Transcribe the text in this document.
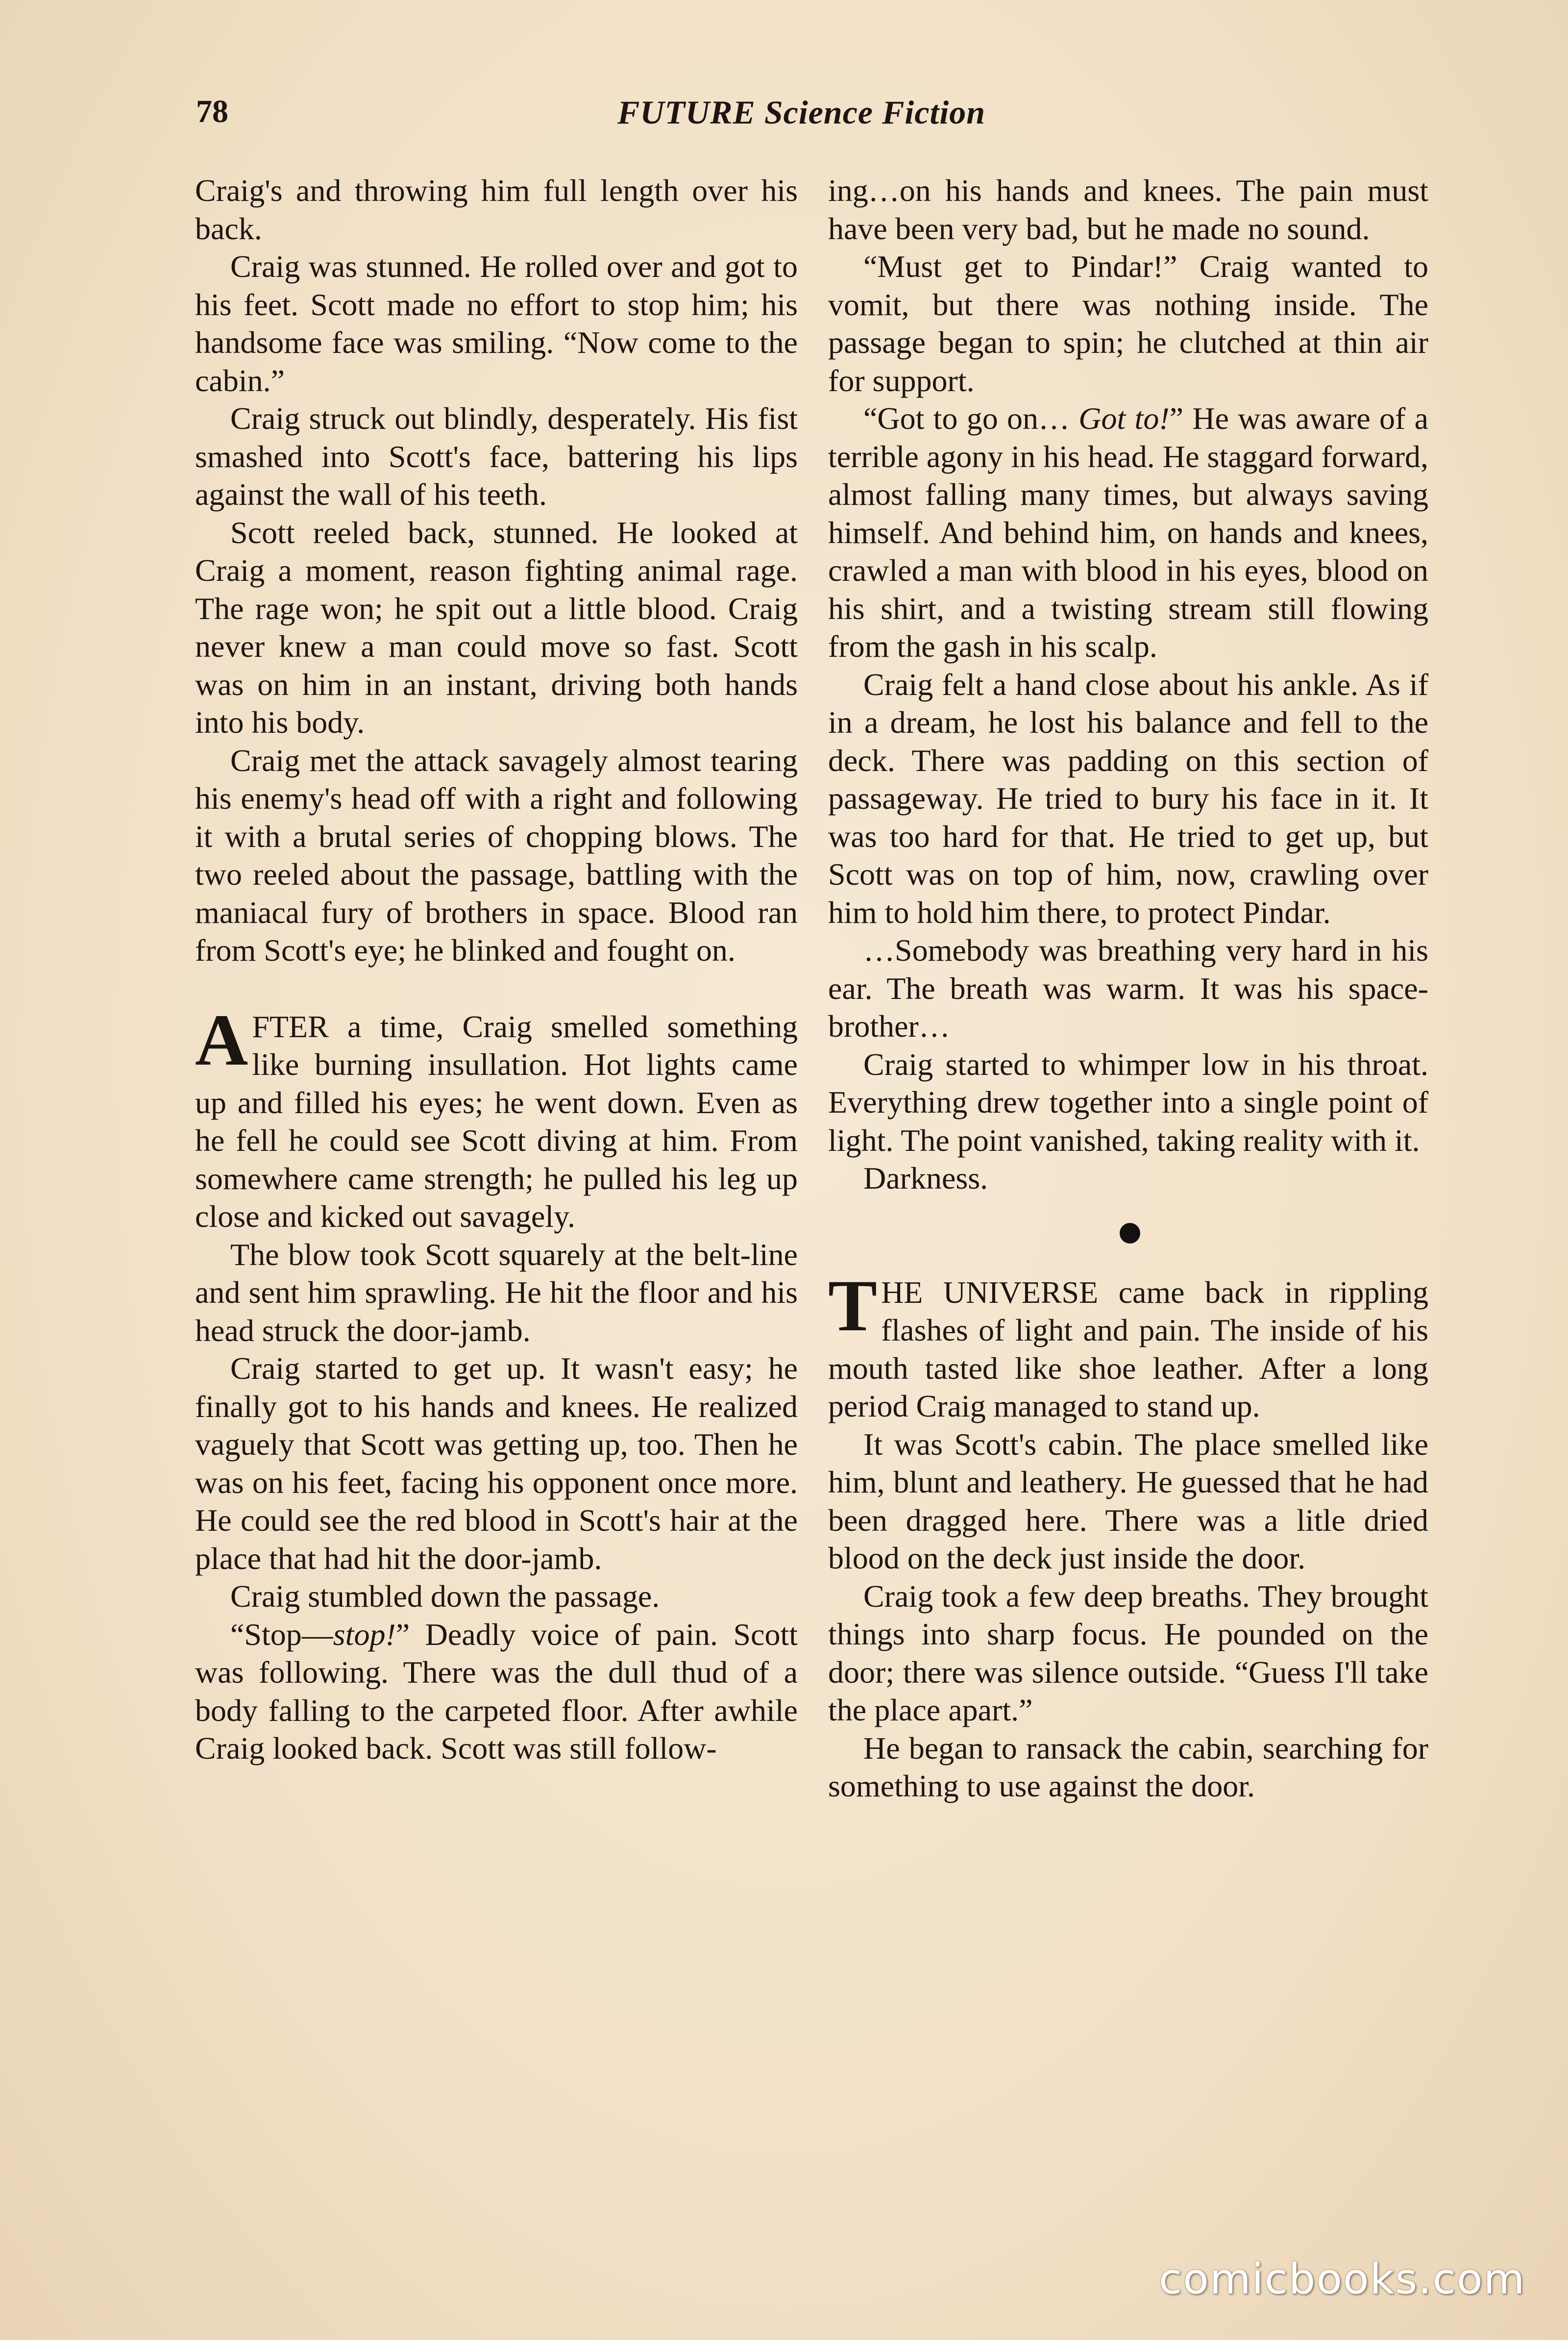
78	FUTURE Science Fiction

Craig's and throwing him full length over his back.

Craig was stunned. He rolled over and got to his feet. Scott made no effort to stop him; his handsome face was smiling. “Now come to the cabin.”

Craig struck out blindly, desperately. His fist smashed into Scott's face, battering his lips against the wall of his teeth.

Scott reeled back, stunned. He looked at Craig a moment, reason fighting animal rage. The rage won; he spit out a little blood. Craig never knew a man could move so fast. Scott was on him in an instant, driving both hands into his body.

Craig met the attack savagely almost tearing his enemy's head off with a right and following it with a brutal series of chopping blows. The two reeled about the passage, battling with the maniacal fury of brothers in space. Blood ran from Scott's eye; he blinked and fought on.

AFTER a time, Craig smelled something like burning insullation. Hot lights came up and filled his eyes; he went down. Even as he fell he could see Scott diving at him. From somewhere came strength; he pulled his leg up close and kicked out savagely.

The blow took Scott squarely at the belt-line and sent him sprawling. He hit the floor and his head struck the door-jamb.

Craig started to get up. It wasn't easy; he finally got to his hands and knees. He realized vaguely that Scott was getting up, too. Then he was on his feet, facing his opponent once more. He could see the red blood in Scott's hair at the place that had hit the door-jamb.

Craig stumbled down the passage.

“Stop—stop!” Deadly voice of pain. Scott was following. There was the dull thud of a body falling to the carpeted floor. After awhile Craig looked back. Scott was still follow-

ing…on his hands and knees. The pain must have been very bad, but he made no sound.

“Must get to Pindar!” Craig wanted to vomit, but there was nothing inside. The passage began to spin; he clutched at thin air for support.

“Got to go on… Got to!” He was aware of a terrible agony in his head. He staggard forward, almost falling many times, but always saving himself. And behind him, on hands and knees, crawled a man with blood in his eyes, blood on his shirt, and a twisting stream still flowing from the gash in his scalp.

Craig felt a hand close about his ankle. As if in a dream, he lost his balance and fell to the deck. There was padding on this section of passageway. He tried to bury his face in it. It was too hard for that. He tried to get up, but Scott was on top of him, now, crawling over him to hold him there, to protect Pindar.

…Somebody was breathing very hard in his ear. The breath was warm. It was his space-brother…

Craig started to whimper low in his throat. Everything drew together into a single point of light. The point vanished, taking reality with it.

Darkness.

THE UNIVERSE came back in rippling flashes of light and pain. The inside of his mouth tasted like shoe leather. After a long period Craig managed to stand up.

It was Scott's cabin. The place smelled like him, blunt and leathery. He guessed that he had been dragged here. There was a litle dried blood on the deck just inside the door.

Craig took a few deep breaths. They brought things into sharp focus. He pounded on the door; there was silence outside. “Guess I'll take the place apart.”

He began to ransack the cabin, searching for something to use against the door.

comicbooks.com
